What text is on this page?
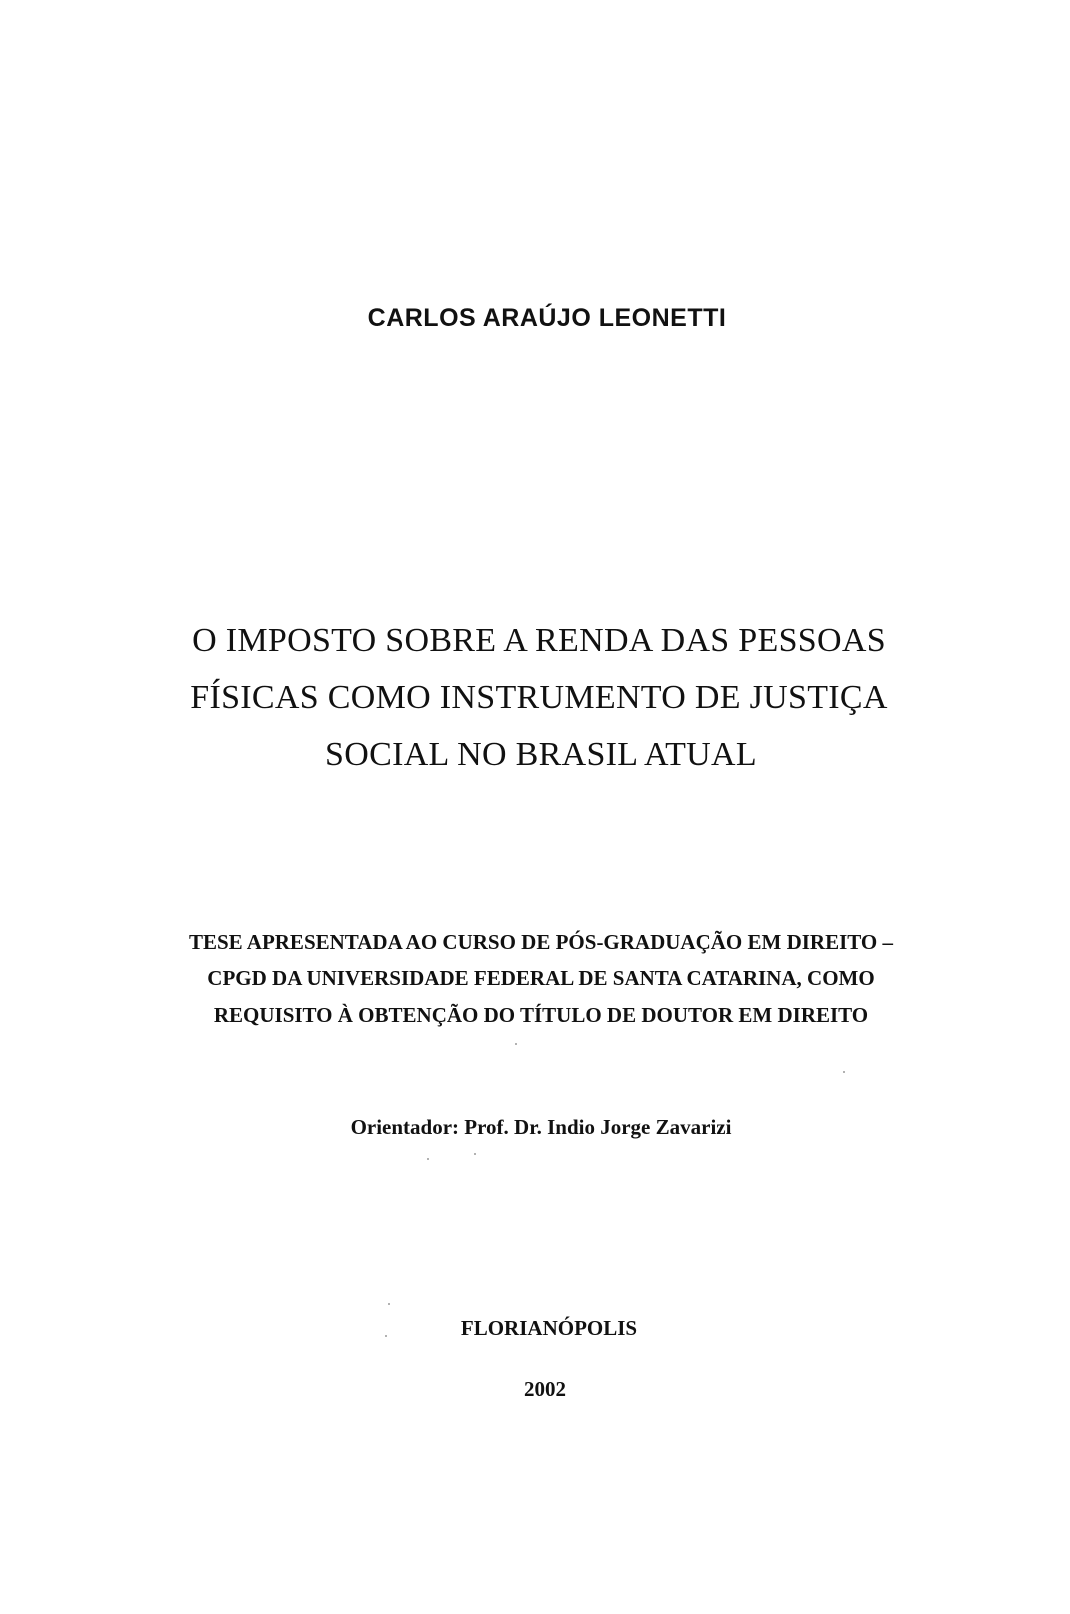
CARLOS ARAÚJO LEONETTI

O IMPOSTO SOBRE A RENDA DAS PESSOAS

FÍSICAS COMO INSTRUMENTO DE JUSTIÇA

SOCIAL NO BRASIL ATUAL

TESE APRESENTADA AO CURSO DE PÓS-GRADUAÇÃO EM DIREITO –

CPGD DA UNIVERSIDADE FEDERAL DE SANTA CATARINA, COMO

REQUISITO À OBTENÇÃO DO TÍTULO DE DOUTOR EM DIREITO

Orientador: Prof. Dr. Indio Jorge Zavarizi

FLORIANÓPOLIS

2002
